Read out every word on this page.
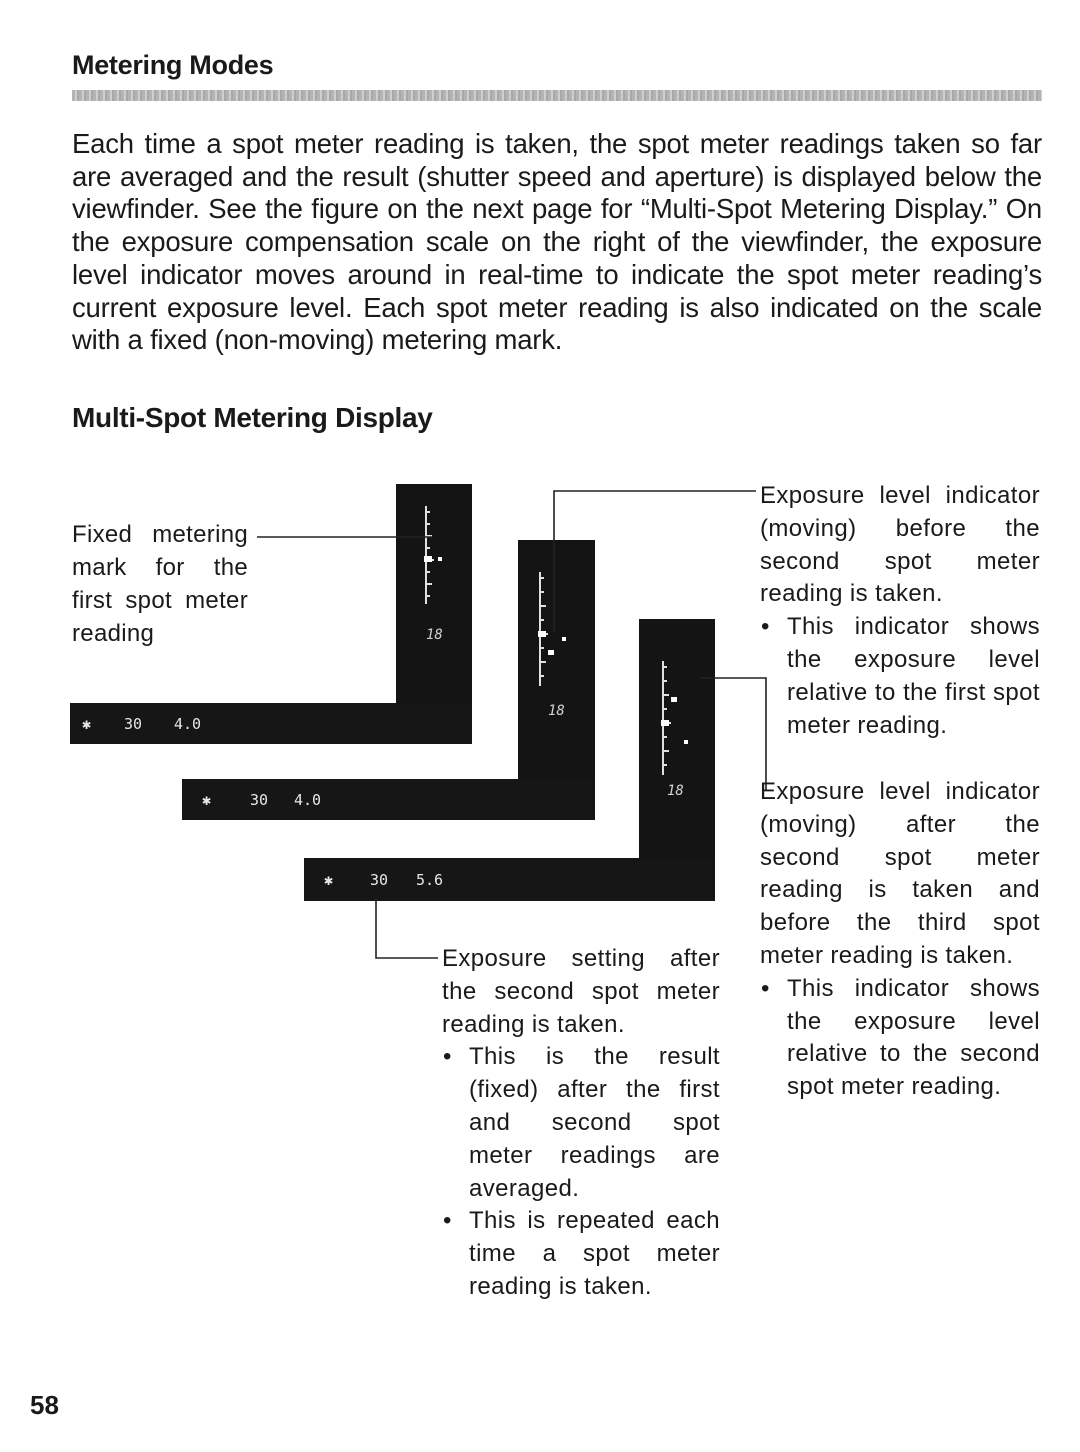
Metering Modes
Each time a spot meter reading is taken, the spot meter readings taken so far are averaged and the result (shutter speed and aperture) is displayed below the viewfinder. See the figure on the next page for “Multi-Spot Metering Display.” On the exposure compensation scale on the right of the viewfinder, the exposure level indicator moves around in real-time to indicate the spot meter reading’s current exposure level. Each spot meter reading is also indicated on the scale with a fixed (non-moving) metering mark.
Multi-Spot Metering Display
Fixed metering
mark for the
first spot meter
reading	18
✱ 30 4.0
18
✱	30 4.0	18
✱ 30 5.6

Exposure level indicator (moving) before the second spot meter reading is taken.

• This indicator shows the exposure level relative to the first spot meter reading.

Exposure level indicator (moving) after the second spot meter reading is taken and before the third spot meter reading is taken.

• This indicator shows the exposure level relative to the second spot meter reading.

Exposure setting after the second spot meter reading is taken.

• This is the result (fixed) after the first and second spot meter readings are averaged.

• This is repeated each time a spot meter reading is taken.

58
